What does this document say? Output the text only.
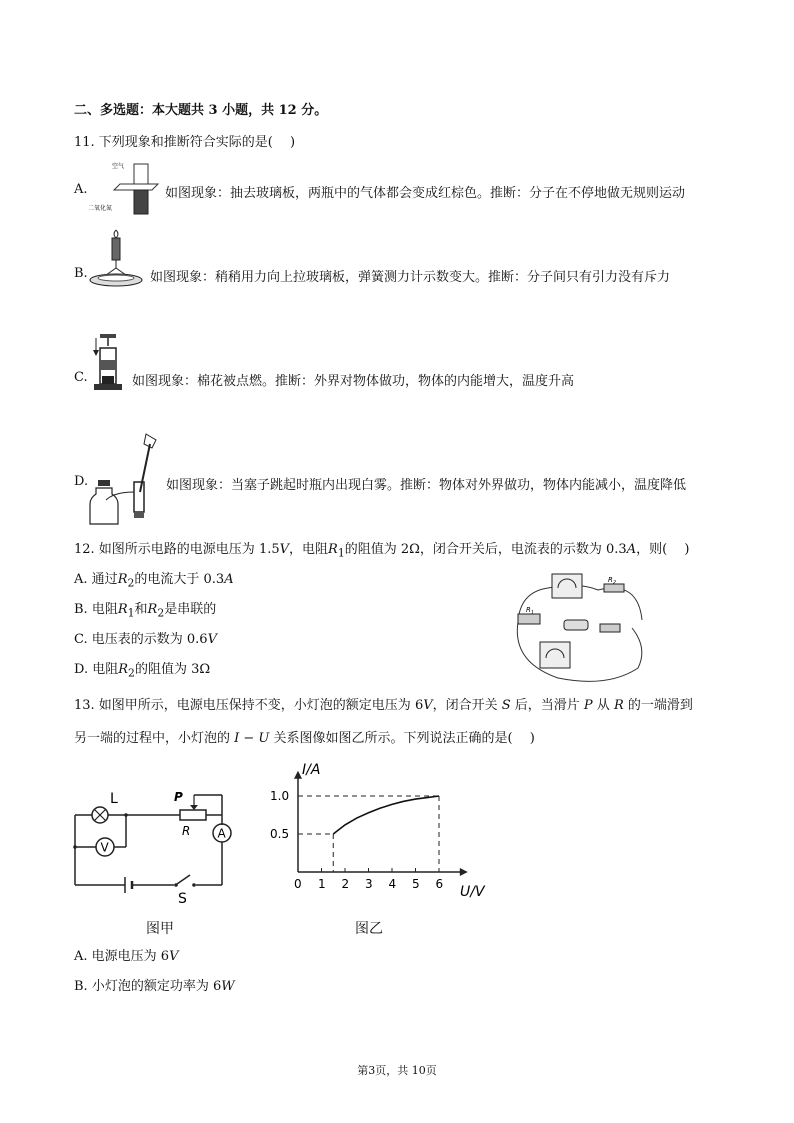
二、多选题：本大题共 3 小题，共 12 分。
11. 下列现象和推断符合实际的是(　 )
A.
空气
二氧化氮
如图现象：抽去玻璃板，两瓶中的气体都会变成红棕色。推断：分子在不停地做无规则运动
B.	如图现象：稍稍用力向上拉玻璃板，弹簧测力计示数变大。推断：分子间只有引力没有斥力
C.	如图现象：棉花被点燃。推断：外界对物体做功，物体的内能增大，温度升高
D.	如图现象：当塞子跳起时瓶内出现白雾。推断：物体对外界做功，物体内能减小，温度降低
12. 如图所示电路的电源电压为 1.5V，电阻$R_1$的阻值为 2Ω，闭合开关后，电流表的示数为 0.3A，则(　 )
A. 通过$R_2$的电流大于 0.3A
B. 电阻$R_1$和$R_2$是串联的
C. 电压表的示数为 0.6V
D. 电阻$R_2$的阻值为 3Ω
$R_2$
$R_1$
13. 如图甲所示，电源电压保持不变，小灯泡的额定电压为 6V，闭合开关 S 后，当滑片 P 从 R 的一端滑到
另一端的过程中，小灯泡的 I − U 关系图像如图乙所示。下列说法正确的是(　 )
L	P
R A
V
S
图甲
0 1 2 3 4 5 6
0.5
1.0
I/A
U/V
图乙
A. 电源电压为 6V
B. 小灯泡的额定功率为 6W
第3页，共 10页
